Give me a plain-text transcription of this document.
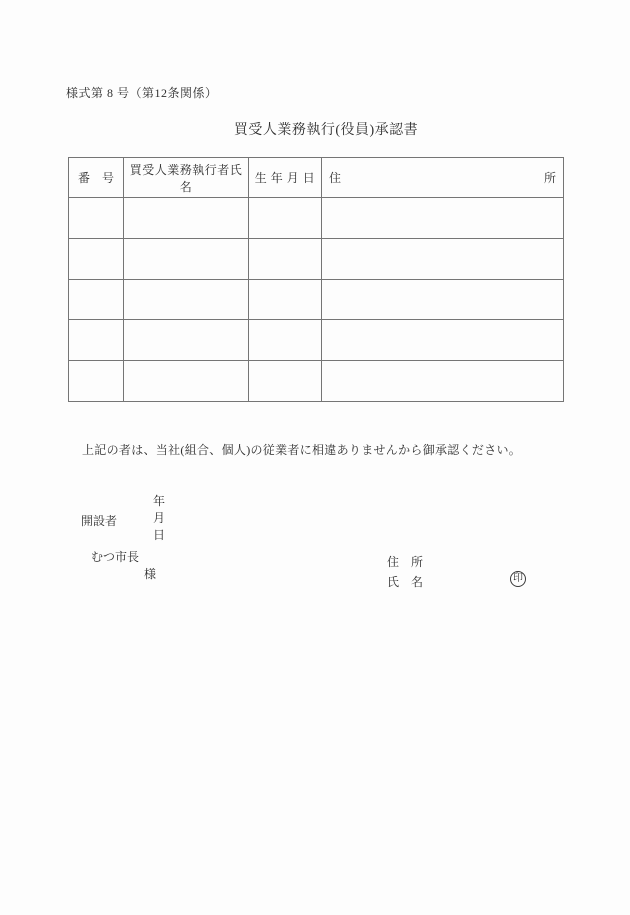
様式第 8 号（第12条関係）
買受人業務執行(役員)承認書
番 号	買受人業務執行者氏名	生 年 月 日	住 所

上記の者は、当社(組合、個人)の従業者に相違ありませんから御承認ください。

年
月
日

開設者

むつ市長
様

住　所
氏　名	印
